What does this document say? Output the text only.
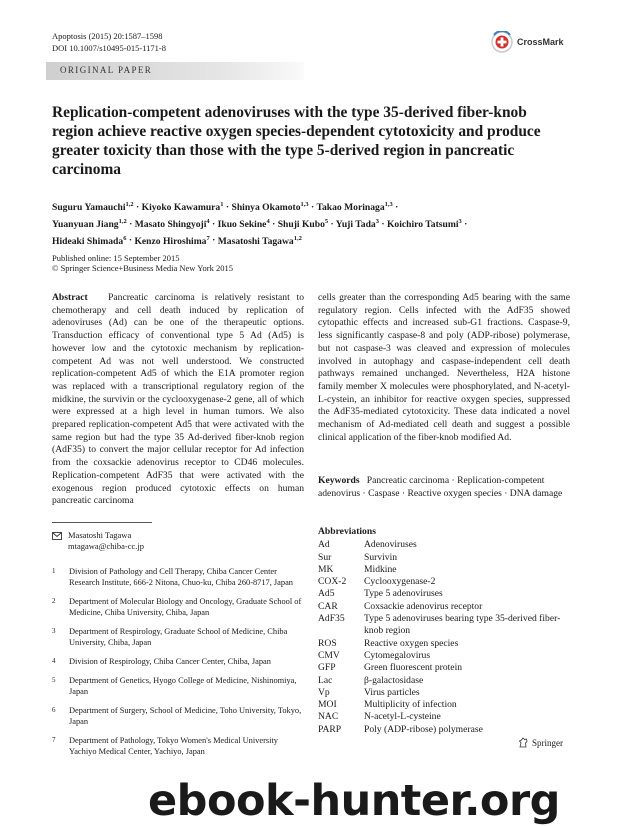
Apoptosis (2015) 20:1587–1598
DOI 10.1007/s10495-015-1171-8
CrossMark
ORIGINAL PAPER
Replication-competent adenoviruses with the type 35-derived fiber-knob region achieve reactive oxygen species-dependent cytotoxicity and produce greater toxicity than those with the type 5-derived region in pancreatic carcinoma
Suguru Yamauchi$^{1,2}$ · Kiyoko Kawamura$^1$ · Shinya Okamoto$^{1,3}$ · Takao Morinaga$^{1,3}$ ·
Yuanyuan Jiang$^{1,2}$ · Masato Shingyoji$^4$ · Ikuo Sekine$^4$ · Shuji Kubo$^5$ · Yuji Tada$^3$ · Koichiro Tatsumi$^3$ ·
Hideaki Shimada$^6$ · Kenzo Hiroshima$^7$ · Masatoshi Tagawa$^{1,2}$
Published online: 15 September 2015
© Springer Science+Business Media New York 2015
Abstract Pancreatic carcinoma is relatively resistant to chemotherapy and cell death induced by replication of adenoviruses (Ad) can be one of the therapeutic options. Transduction efficacy of conventional type 5 Ad (Ad5) is however low and the cytotoxic mechanism by replication-competent Ad was not well understood. We constructed replication-competent Ad5 of which the E1A promoter region was replaced with a transcriptional regulatory region of the midkine, the survivin or the cyclooxygenase-2 gene, all of which were expressed at a high level in human tumors. We also prepared replication-competent Ad5 that were activated with the same region but had the type 35 Ad-derived fiber-knob region (AdF35) to convert the major cellular receptor for Ad infection from the coxsackie adenovirus receptor to CD46 molecules. Replication-competent AdF35 that were activated with the exogenous region produced cytotoxic effects on human pancreatic carcinoma
cells greater than the corresponding Ad5 bearing with the same regulatory region. Cells infected with the AdF35 showed cytopathic effects and increased sub-G1 fractions. Caspase-9, less significantly caspase-8 and poly (ADP-ribose) polymerase, but not caspase-3 was cleaved and expression of molecules involved in autophagy and caspase-independent cell death pathways remained unchanged. Nevertheless, H2A histone family member X molecules were phosphorylated, and N-acetyl-L-cystein, an inhibitor for reactive oxygen species, suppressed the AdF35-mediated cytotoxicity. These data indicated a novel mechanism of Ad-mediated cell death and suggest a possible clinical application of the fiber-knob modified Ad.
Keywords Pancreatic carcinoma · Replication-competent adenovirus · Caspase · Reactive oxygen species · DNA damage
Masatoshi Tagawa
mtagawa@chiba-cc.jp
1	Division of Pathology and Cell Therapy, Chiba Cancer Center Research Institute, 666-2 Nitona, Chuo-ku, Chiba 260-8717, Japan
2	Department of Molecular Biology and Oncology, Graduate School of Medicine, Chiba University, Chiba, Japan
3	Department of Respirology, Graduate School of Medicine, Chiba University, Chiba, Japan
4	Division of Respirology, Chiba Cancer Center, Chiba, Japan
5	Department of Genetics, Hyogo College of Medicine, Nishinomiya, Japan
6	Department of Surgery, School of Medicine, Toho University, Tokyo, Japan
7	Department of Pathology, Tokyo Women's Medical University Yachiyo Medical Center, Yachiyo, Japan
Abbreviations
Ad	Adenoviruses
Sur	Survivin
MK	Midkine
COX-2	Cyclooxygenase-2
Ad5	Type 5 adenoviruses
CAR	Coxsackie adenovirus receptor
AdF35	Type 5 adenoviruses bearing type 35-derived fiber-knob region
ROS	Reactive oxygen species
CMV	Cytomegalovirus
GFP	Green fluorescent protein
Lac	β-galactosidase
Vp	Virus particles
MOI	Multiplicity of infection
NAC	N-acetyl-L-cysteine
PARP	Poly (ADP-ribose) polymerase
Springer
ebook-hunter.org
